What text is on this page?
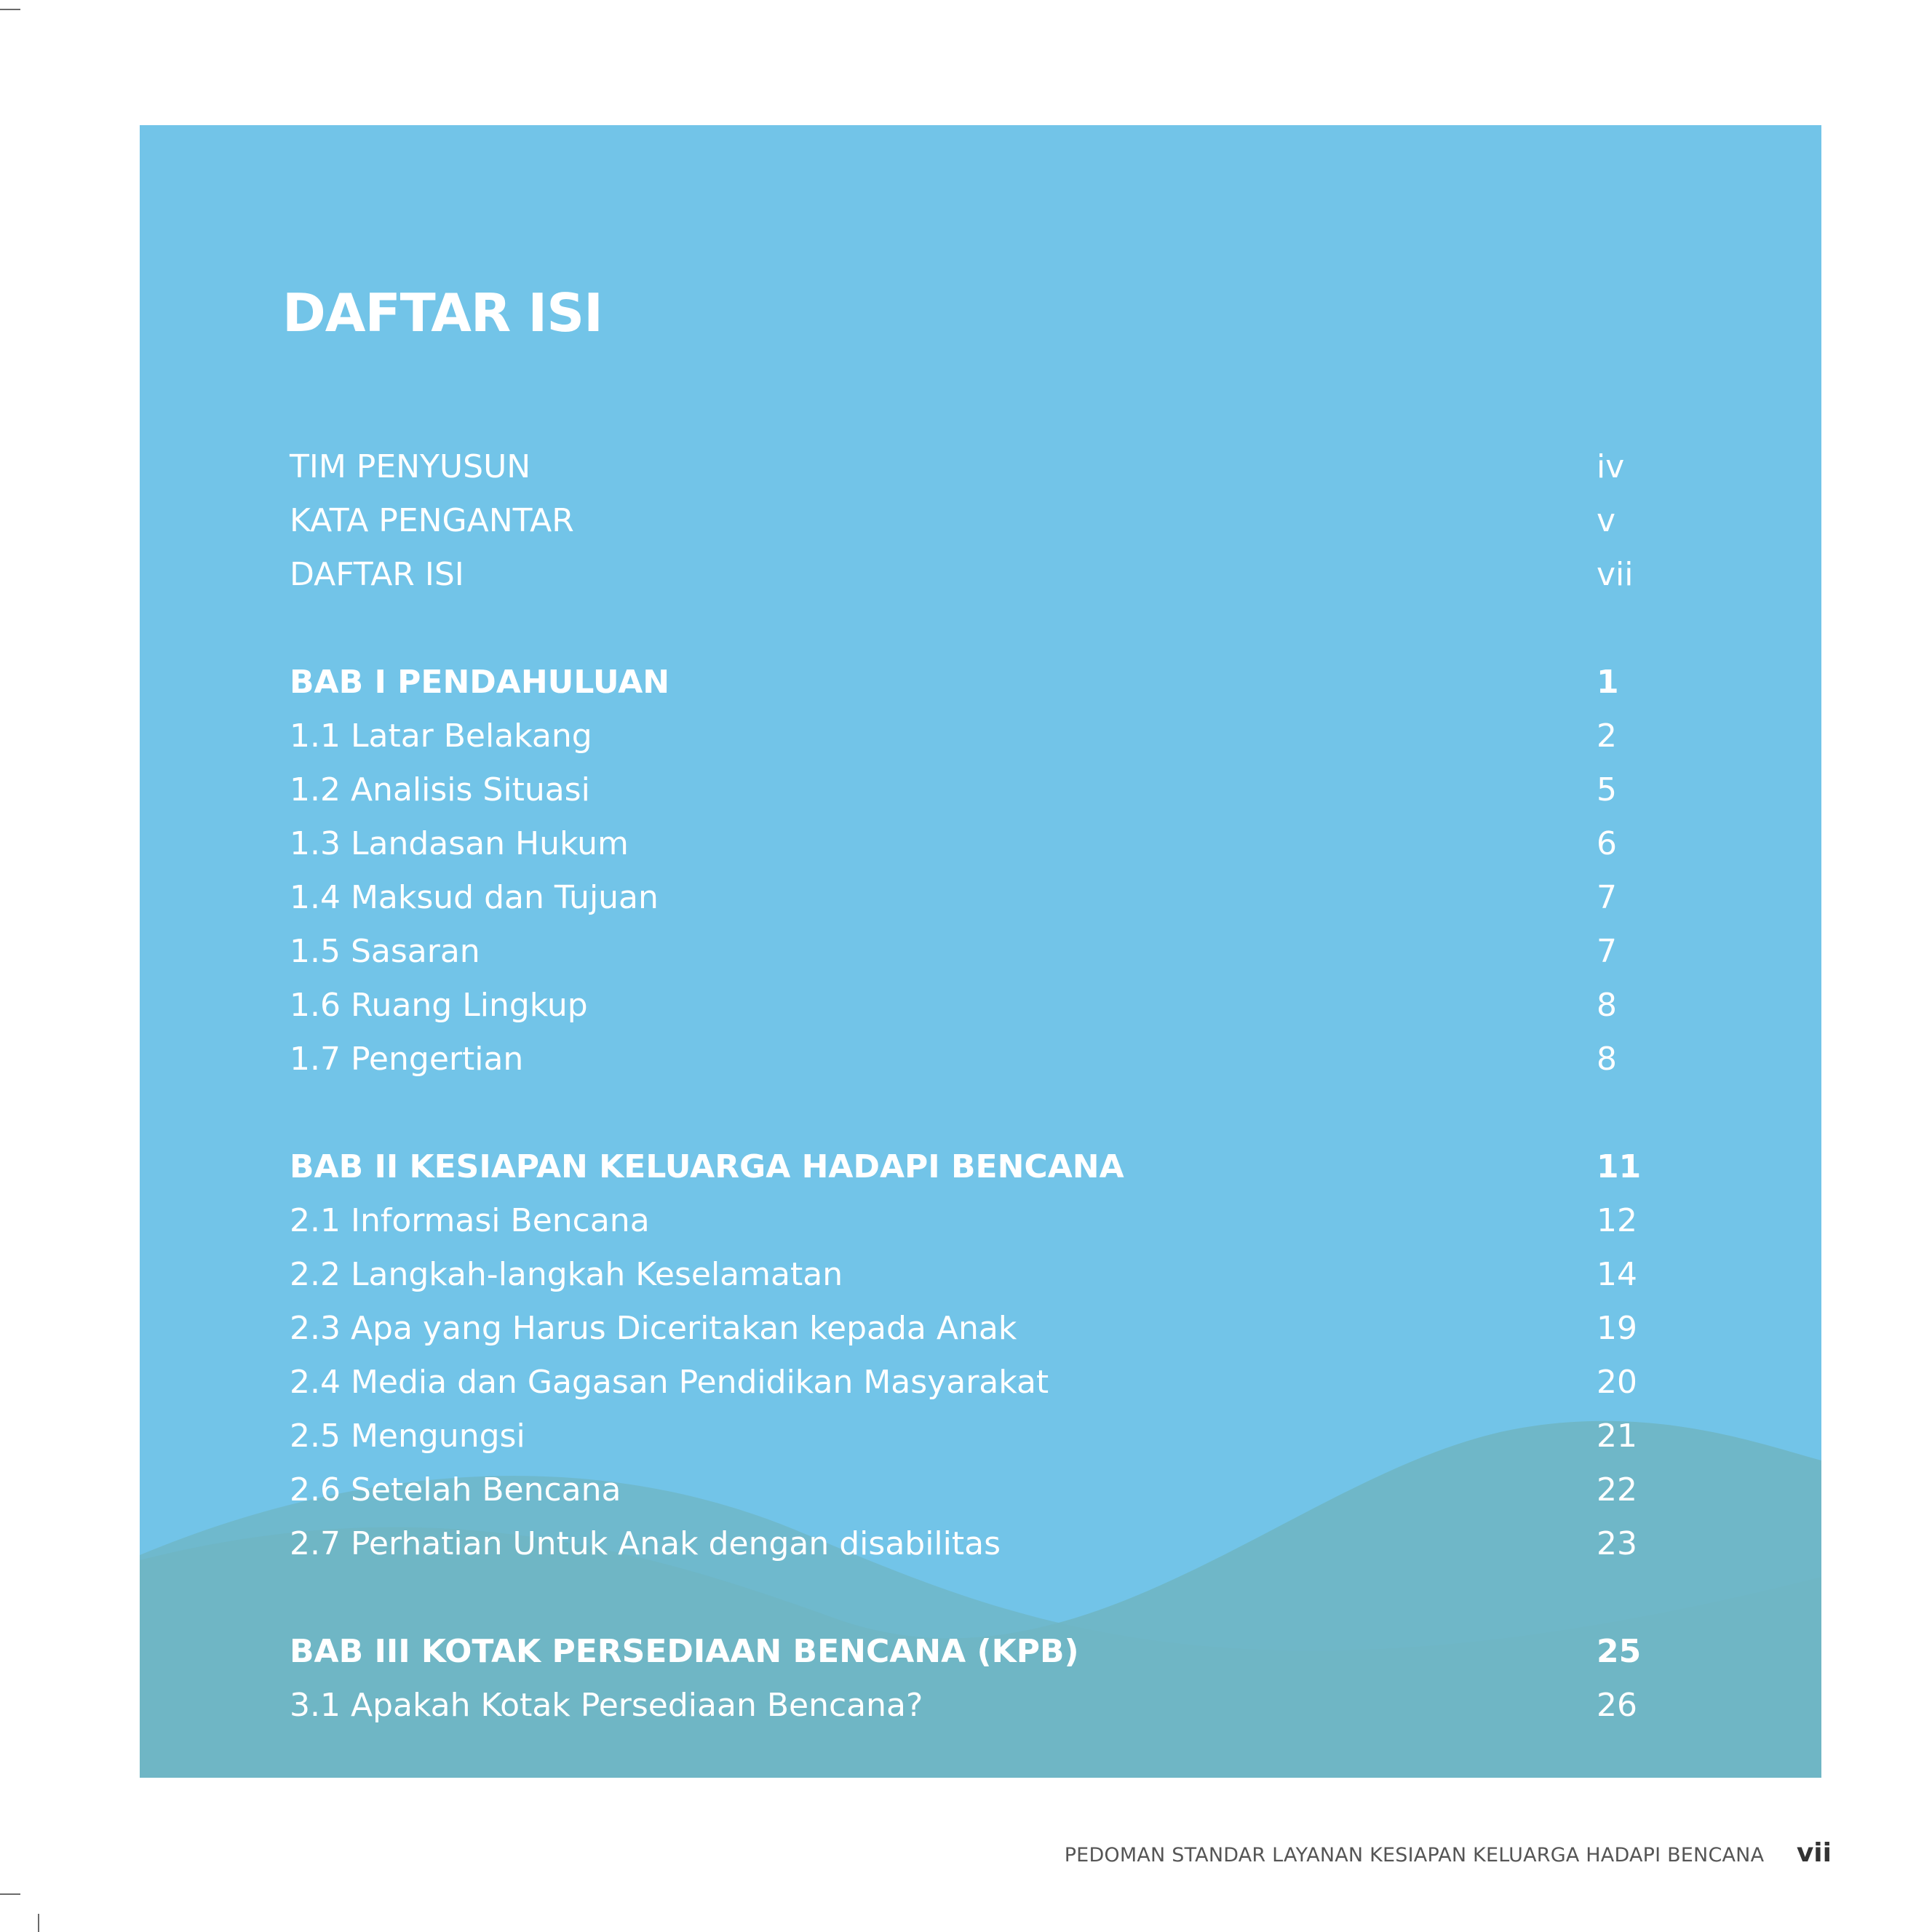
DAFTAR ISI
TIM PENYUSUN	iv
KATA PENGANTAR	v
DAFTAR ISI	vii
BAB I PENDAHULUAN	1
1.1 Latar Belakang	2
1.2 Analisis Situasi	5
1.3 Landasan Hukum	6
1.4 Maksud dan Tujuan	7
1.5 Sasaran	7
1.6 Ruang Lingkup	8
1.7 Pengertian	8
BAB II KESIAPAN KELUARGA HADAPI BENCANA	11
2.1 Informasi Bencana	12
2.2 Langkah-langkah Keselamatan	14
2.3 Apa yang Harus Diceritakan kepada Anak	19
2.4 Media dan Gagasan Pendidikan Masyarakat	20
2.5 Mengungsi	21
2.6 Setelah Bencana	22
2.7 Perhatian Untuk Anak dengan disabilitas	23
BAB III KOTAK PERSEDIAAN BENCANA (KPB)	25
3.1 Apakah Kotak Persediaan Bencana?	26
PEDOMAN STANDAR LAYANAN KESIAPAN KELUARGA HADAPI BENCANA vii
